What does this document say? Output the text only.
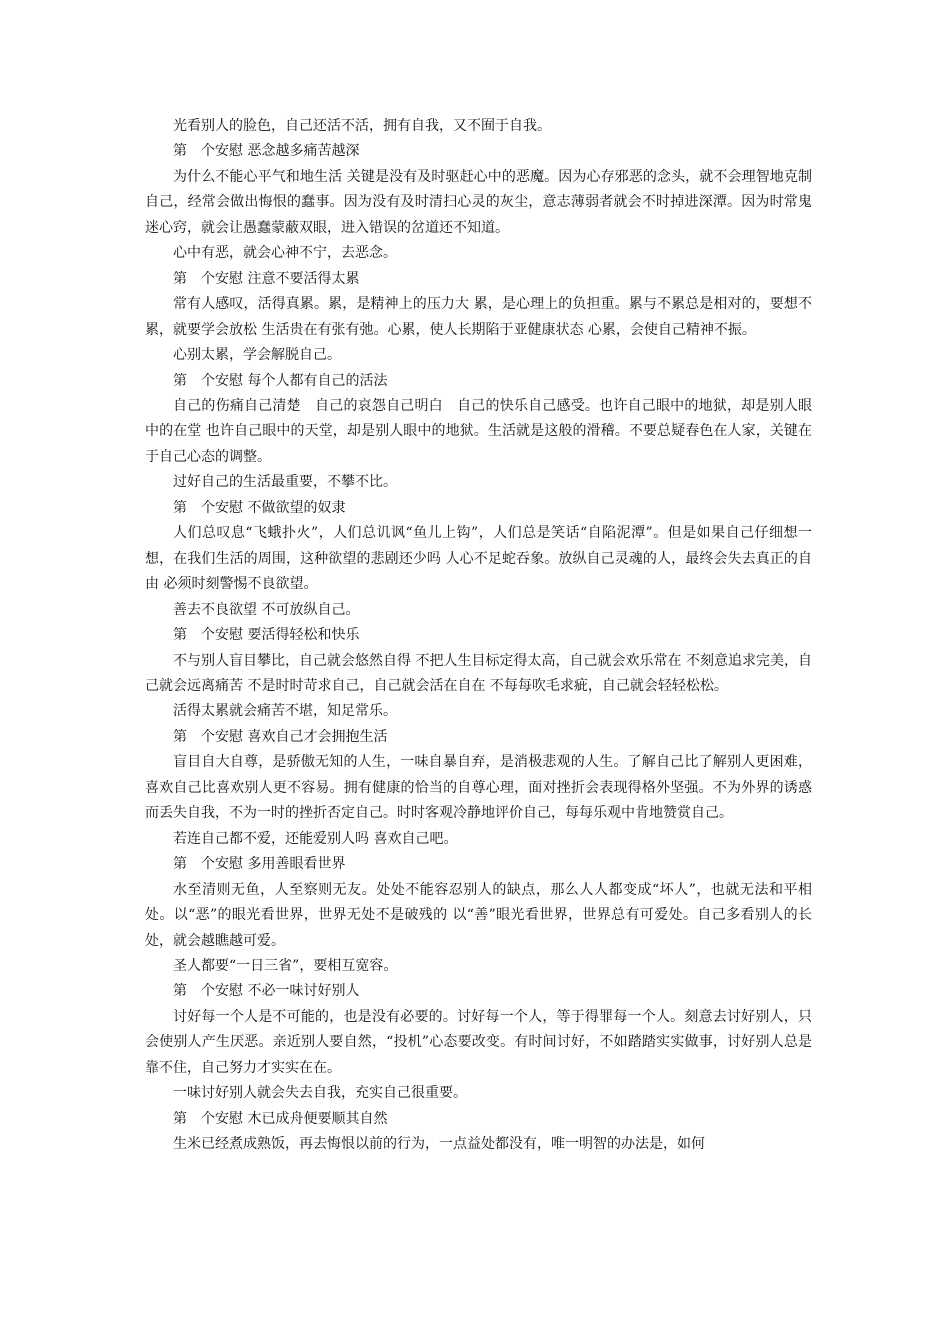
光看别人的脸色，自己还活不活，拥有自我，又不囿于自我。

第　个安慰 恶念越多痛苦越深

为什么不能心平气和地生活 关键是没有及时驱赶心中的恶魔。因为心存邪恶的念头，就不会理智地克制自己，经常会做出悔恨的蠢事。因为没有及时清扫心灵的灰尘，意志薄弱者就会不时掉进深潭。因为时常鬼迷心窍，就会让愚蠢蒙蔽双眼，进入错误的岔道还不知道。

心中有恶，就会心神不宁，去恶念。

第　个安慰 注意不要活得太累

常有人感叹，活得真累。累，是精神上的压力大 累，是心理上的负担重。累与不累总是相对的，要想不累，就要学会放松 生活贵在有张有弛。心累，使人长期陷于亚健康状态 心累，会使自己精神不振。

心别太累，学会解脱自己。

第　个安慰 每个人都有自己的活法

自己的伤痛自己清楚　自己的哀怨自己明白　自己的快乐自己感受。也许自己眼中的地狱，却是别人眼中的在堂 也许自己眼中的天堂，却是别人眼中的地狱。生活就是这般的滑稽。不要总疑春色在人家，关键在于自己心态的调整。

过好自己的生活最重要，不攀不比。

第　个安慰 不做欲望的奴隶

人们总叹息“飞蛾扑火”，人们总讥讽“鱼儿上钩”，人们总是笑话“自陷泥潭”。但是如果自己仔细想一想，在我们生活的周围，这种欲望的悲剧还少吗 人心不足蛇吞象。放纵自己灵魂的人，最终会失去真正的自由 必须时刻警惕不良欲望。

善去不良欲望 不可放纵自己。

第　个安慰 要活得轻松和快乐

不与别人盲目攀比，自己就会悠然自得 不把人生目标定得太高，自己就会欢乐常在 不刻意追求完美，自己就会远离痛苦 不是时时苛求自己，自己就会活在自在 不每每吹毛求疵，自己就会轻轻松松。

活得太累就会痛苦不堪，知足常乐。

第　个安慰 喜欢自己才会拥抱生活

盲目自大自尊，是骄傲无知的人生，一味自暴自弃，是消极悲观的人生。了解自己比了解别人更困难，喜欢自己比喜欢别人更不容易。拥有健康的恰当的自尊心理，面对挫折会表现得格外坚强。不为外界的诱惑而丢失自我，不为一时的挫折否定自己。时时客观冷静地评价自己，每每乐观中肯地赞赏自己。

若连自己都不爱，还能爱别人吗 喜欢自己吧。

第　个安慰 多用善眼看世界

水至清则无鱼，人至察则无友。处处不能容忍别人的缺点，那么人人都变成“坏人”，也就无法和平相处。以“恶”的眼光看世界，世界无处不是破残的 以“善”眼光看世界，世界总有可爱处。自己多看别人的长处，就会越瞧越可爱。

圣人都要“一日三省”，要相互宽容。

第　个安慰 不必一味讨好别人

讨好每一个人是不可能的，也是没有必要的。讨好每一个人，等于得罪每一个人。刻意去讨好别人，只会使别人产生厌恶。亲近别人要自然，“投机”心态要改变。有时间讨好，不如踏踏实实做事，讨好别人总是靠不住，自己努力才实实在在。

一味讨好别人就会失去自我，充实自己很重要。

第　个安慰 木已成舟便要顺其自然

生米已经煮成熟饭，再去悔恨以前的行为，一点益处都没有，唯一明智的办法是，如何
